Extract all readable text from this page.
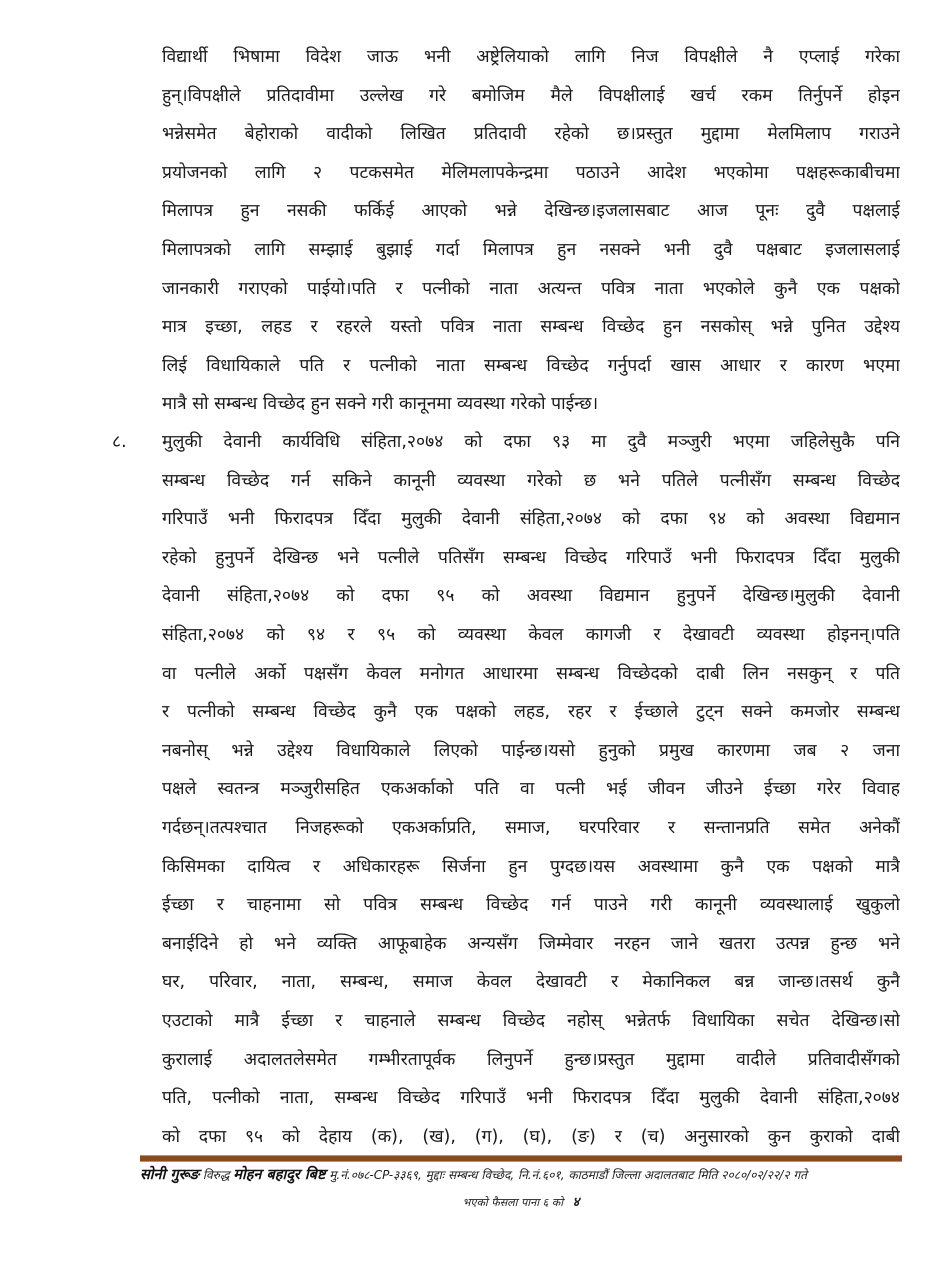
विद्यार्थी भिषामा विदेश जाऊ भनी अष्ट्रेलियाको लागि निज विपक्षीले नै एप्लाई गरेका
हुन्।विपक्षीले प्रतिदावीमा उल्लेख गरे बमोजिम मैले विपक्षीलाई खर्च रकम तिर्नुपर्ने होइन
भन्नेसमेत बेहोराको वादीको लिखित प्रतिदावी रहेको छ।प्रस्तुत मुद्दामा मेलमिलाप गराउने
प्रयोजनको लागि २ पटकसमेत मेलिमलापकेन्द्रमा पठाउने आदेश भएकोमा पक्षहरूकाबीचमा
मिलापत्र हुन नसकी फर्किई आएको भन्ने देखिन्छ।इजलासबाट आज पूनः दुवै पक्षलाई
मिलापत्रको लागि सम्झाई बुझाई गर्दा मिलापत्र हुन नसक्ने भनी दुवै पक्षबाट इजलासलाई
जानकारी गराएको पाईयो।पति र पत्नीको नाता अत्यन्त पवित्र नाता भएकोले कुनै एक पक्षको
मात्र इच्छा, लहड र रहरले यस्तो पवित्र नाता सम्बन्ध विच्छेद हुन नसकोस् भन्ने पुनित उद्देश्य
लिई विधायिकाले पति र पत्नीको नाता सम्बन्ध विच्छेद गर्नुपर्दा खास आधार र कारण भएमा
मात्रै सो सम्बन्ध विच्छेद हुन सक्ने गरी कानूनमा व्यवस्था गरेको पाईन्छ।
८. मुलुकी देवानी कार्यविधि संहिता,२०७४ को दफा ९३ मा दुवै मञ्जुरी भएमा जहिलेसुकै पनि
सम्बन्ध विच्छेद गर्न सकिने कानूनी व्यवस्था गरेको छ भने पतिले पत्नीसँग सम्बन्ध विच्छेद
गरिपाउँ भनी फिरादपत्र दिँदा मुलुकी देवानी संहिता,२०७४ को दफा ९४ को अवस्था विद्यमान
रहेको हुनुपर्ने देखिन्छ भने पत्नीले पतिसँग सम्बन्ध विच्छेद गरिपाउँ भनी फिरादपत्र दिँदा मुलुकी
देवानी संहिता,२०७४ को दफा ९५ को अवस्था विद्यमान हुनुपर्ने देखिन्छ।मुलुकी देवानी
संहिता,२०७४ को ९४ र ९५ को व्यवस्था केवल कागजी र देखावटी व्यवस्था होइनन्।पति
वा पत्नीले अर्को पक्षसँग केवल मनोगत आधारमा सम्बन्ध विच्छेदको दाबी लिन नसकुन् र पति
र पत्नीको सम्बन्ध विच्छेद कुनै एक पक्षको लहड, रहर र ईच्छाले टुट्न सक्ने कमजोर सम्बन्ध
नबनोस् भन्ने उद्देश्य विधायिकाले लिएको पाईन्छ।यसो हुनुको प्रमुख कारणमा जब २ जना
पक्षले स्वतन्त्र मञ्जुरीसहित एकअर्काको पति वा पत्नी भई जीवन जीउने ईच्छा गरेर विवाह
गर्दछन्।तत्पश्चात निजहरूको एकअर्काप्रति, समाज, घरपरिवार र सन्तानप्रति समेत अनेकौं
किसिमका दायित्व र अधिकारहरू सिर्जना हुन पुग्दछ।यस अवस्थामा कुनै एक पक्षको मात्रै
ईच्छा र चाहनामा सो पवित्र सम्बन्ध विच्छेद गर्न पाउने गरी कानूनी व्यवस्थालाई खुकुलो
बनाईदिने हो भने व्यक्ति आफूबाहेक अन्यसँग जिम्मेवार नरहन जाने खतरा उत्पन्न हुन्छ भने
घर, परिवार, नाता, सम्बन्ध, समाज केवल देखावटी र मेकानिकल बन्न जान्छ।तसर्थ कुनै
एउटाको मात्रै ईच्छा र चाहनाले सम्बन्ध विच्छेद नहोस् भन्नेतर्फ विधायिका सचेत देखिन्छ।सो
कुरालाई अदालतलेसमेत गम्भीरतापूर्वक लिनुपर्ने हुन्छ।प्रस्तुत मुद्दामा वादीले प्रतिवादीसँगको
पति, पत्नीको नाता, सम्बन्ध विच्छेद गरिपाउँ भनी फिरादपत्र दिँदा मुलुकी देवानी संहिता,२०७४
को दफा ९५ को देहाय (क), (ख), (ग), (घ), (ङ) र (च) अनुसारको कुन कुराको दाबी
सोनी गुरूङ विरुद्ध मोहन बहादुर बिष्ट मु.नं.०७८-CP-३३६९, मुद्दाः सम्बन्ध विच्छेद, नि.नं.६०१, काठमाडौं जिल्ला अदालतबाट मिति २०८०/०२/२२/२ गते
भएको फैसला पाना ६ को ४
